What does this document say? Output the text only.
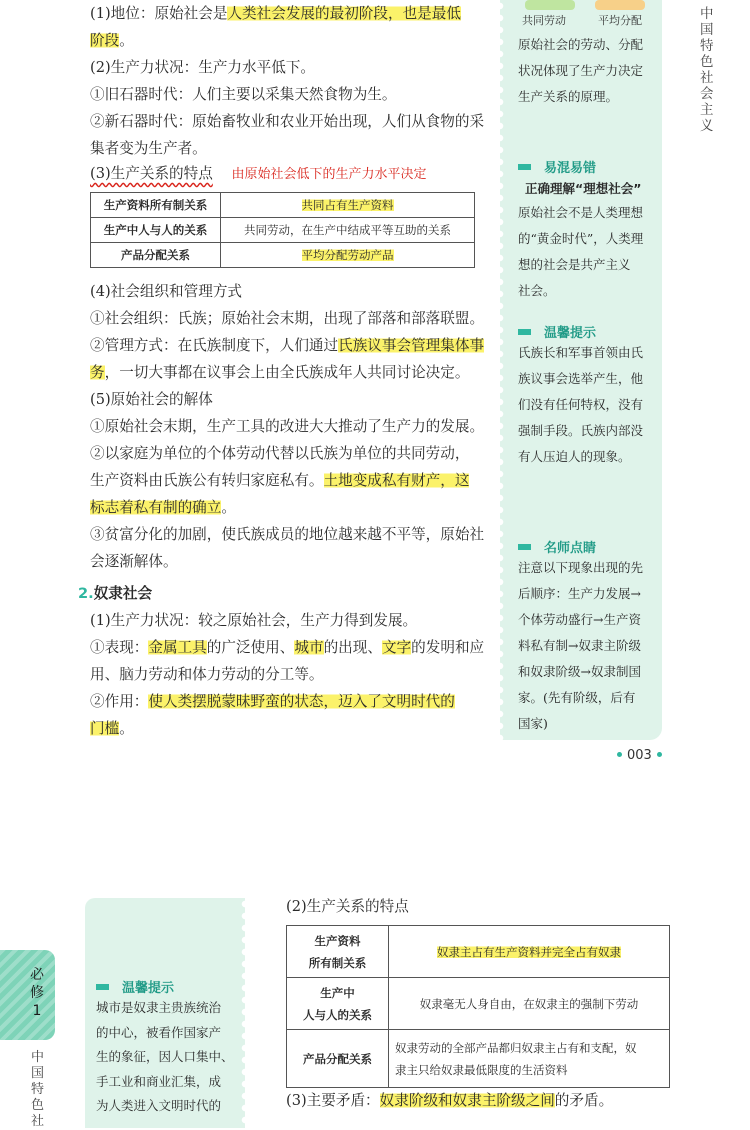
共同劳动	平均分配
原始社会的劳动、分配
状况体现了生产力决定
生产关系的原理。
易混易错
正确理解“理想社会”
原始社会不是人类理想
的“黄金时代”，人类理
想的社会是共产主义
社会。
温馨提示
氏族长和军事首领由氏
族议事会选举产生，他
们没有任何特权，没有
强制手段。氏族内部没
有人压迫人的现象。
名师点睛
注意以下现象出现的先
后顺序：生产力发展→
个体劳动盛行→生产资
料私有制→奴隶主阶级
和奴隶阶级→奴隶制国
家。(先有阶级，后有
国家)
中国特色社会主义
(1)地位：原始社会是人类社会发展的最初阶段，也是最低
阶段。
(2)生产力状况：生产力水平低下。
①旧石器时代：人们主要以采集天然食物为生。
②新石器时代：原始畜牧业和农业开始出现，人们从食物的采
集者变为生产者。
(3)生产关系的特点 由原始社会低下的生产力水平决定
生产资料所有制关系	共同占有生产资料
生产中人与人的关系	共同劳动，在生产中结成平等互助的关系
产品分配关系	平均分配劳动产品
(4)社会组织和管理方式
①社会组织：氏族；原始社会末期，出现了部落和部落联盟。
②管理方式：在氏族制度下，人们通过氏族议事会管理集体事
务，一切大事都在议事会上由全氏族成年人共同讨论决定。
(5)原始社会的解体
①原始社会末期，生产工具的改进大大推动了生产力的发展。
②以家庭为单位的个体劳动代替以氏族为单位的共同劳动，
生产资料由氏族公有转归家庭私有。土地变成私有财产，这
标志着私有制的确立。
③贫富分化的加剧，使氏族成员的地位越来越不平等，原始社
会逐渐解体。
2.奴隶社会
(1)生产力状况：较之原始社会，生产力得到发展。
①表现：金属工具的广泛使用、城市的出现、文字的发明和应
用、脑力劳动和体力劳动的分工等。
②作用：使人类摆脱蒙昧野蛮的状态，迈入了文明时代的
门槛。
003
必
修
1
中国特色社
温馨提示
城市是奴隶主贵族统治
的中心，被看作国家产
生的象征，因人口集中、
手工业和商业汇集，成
为人类进入文明时代的
(2)生产关系的特点
生产资料
所有制关系	奴隶主占有生产资料并完全占有奴隶

生产中
人与人的关系	奴隶毫无人身自由，在奴隶主的强制下劳动

产品分配关系	奴隶劳动的全部产品都归奴隶主占有和支配，奴
隶主只给奴隶最低限度的生活资料
(3)主要矛盾：奴隶阶级和奴隶主阶级之间的矛盾。
